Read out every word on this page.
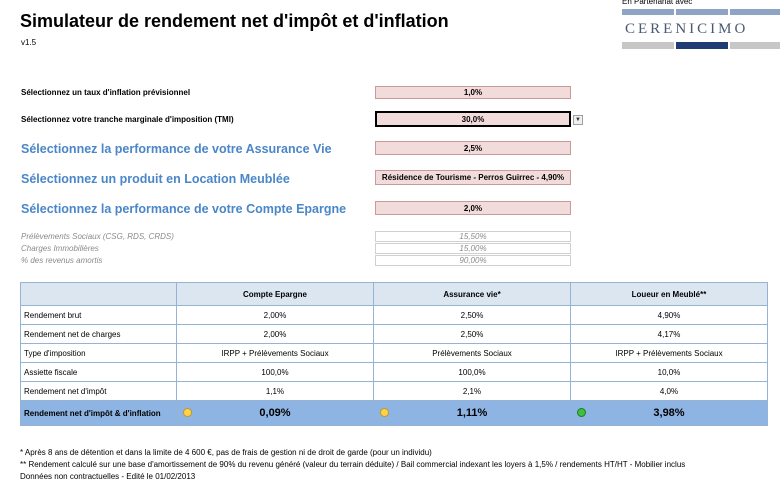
Simulateur de rendement net d'impôt et d'inflation
v1.5
En Partenariat avec
CERENICIMO
Sélectionnez un taux d'inflation prévisionnel	1,0%
Sélectionnez votre tranche marginale d'imposition (TMI)	30,0%	▼
Sélectionnez la performance de votre Assurance Vie	2,5%
Sélectionnez un produit en Location Meublée	Résidence de Tourisme - Perros Guirrec - 4,90%
Sélectionnez la performance de votre Compte Epargne	2,0%
Prélèvements Sociaux (CSG, RDS, CRDS)	15,50%
Charges Immobilières	15,00%
% des revenus amortis	90,00%
	Compte Epargne	Assurance vie*	Loueur en Meublé**
Rendement brut	2,00%	2,50%	4,90%
Rendement net de charges	2,00%	2,50%	4,17%
Type d'imposition	IRPP + Prélèvements Sociaux	Prélèvements Sociaux	IRPP + Prélèvements Sociaux
Assiette fiscale	100,0%	100,0%	10,0%
Rendement net d'impôt	1,1%	2,1%	4,0%
Rendement net d'impôt & d'inflation	0,09%	1,11%	3,98%
* Après 8 ans de détention et dans la limite de 4 600 €, pas de frais de gestion ni de droit de garde (pour un individu)
** Rendement calculé sur une base d'amortissement de 90% du revenu généré (valeur du terrain déduite) / Bail commercial indexant les loyers à 1,5% / rendements HT/HT - Mobilier inclus
Données non contractuelles - Edité le 01/02/2013
